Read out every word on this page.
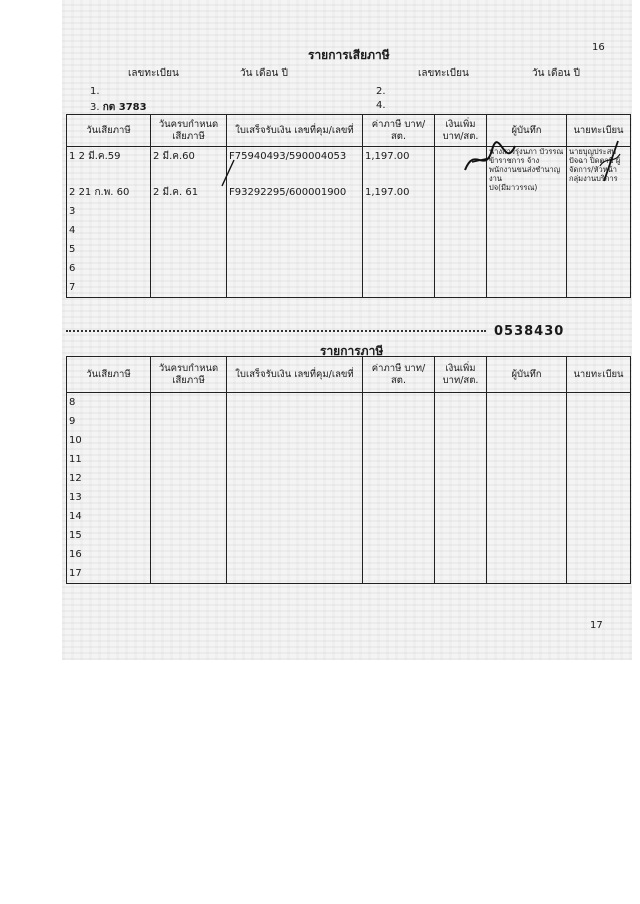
16
รายการเสียภาษี
เลขทะเบียน	วัน เดือน ปี	เลขทะเบียน	วัน เดือน ปี
1.	2.
3. กต 3783	4.
วันเสียภาษี	วันครบกำหนดเสียภาษี	ใบเสร็จรับเงิน เลขที่คุม/เลขที่	ค่าภาษี บาท/สต.	เงินเพิ่ม บาท/สต.	ผู้บันทึก	นายทะเบียน
1 2 มี.ค.59	2 มี.ค.60	F75940493/590004053	1,197.00		นางสาวรุ่งนภา บัวรรณ ข้าราชการ จ้างพนักงานขนส่งชำนาญงาน	นายบุญประสบ ปัจฉา ปิดตามี ผู้จัดการ/หัวหน้ากลุ่มงานบริการ
2 21 ก.พ. 60	2 มี.ค. 61	F93292295/600001900	1,197.00		ปจ(มีมาวรรณ)	
3						
4						
5						
6						
7						
0538430
รายการภาษี
วันเสียภาษี	วันครบกำหนดเสียภาษี	ใบเสร็จรับเงิน เลขที่คุม/เลขที่	ค่าภาษี บาท/สต.	เงินเพิ่ม บาท/สต.	ผู้บันทึก	นายทะเบียน
8						
9						
10						
11						
12						
13						
14						
15						
16						
17						
17
